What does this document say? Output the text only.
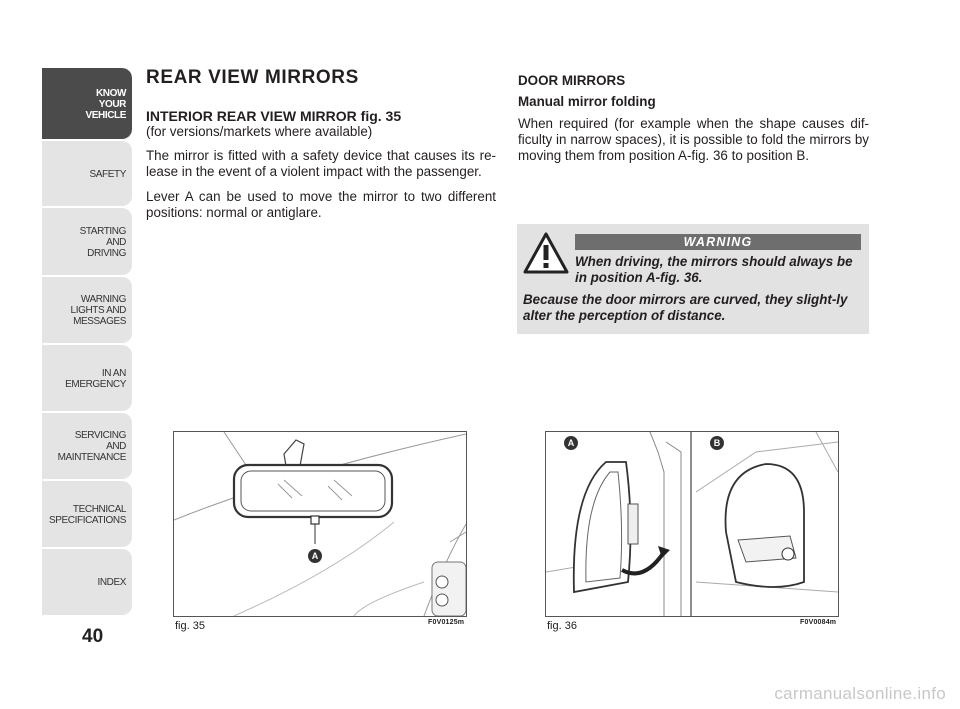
KNOW
YOUR
VEHICLE
SAFETY
STARTING
AND
DRIVING
WARNING
LIGHTS AND
MESSAGES
IN AN
EMERGENCY
SERVICING
AND
MAINTENANCE
TECHNICAL
SPECIFICATIONS
INDEX
40
REAR VIEW MIRRORS
INTERIOR REAR VIEW MIRROR fig. 35

(for versions/markets where available)

The mirror is fitted with a safety device that causes its re-lease in the event of a violent impact with the passenger.

Lever A can be used to move the mirror to two different positions: normal or antiglare.

DOOR MIRRORS
Manual mirror folding

When required (for example when the shape causes dif-ficulty in narrow spaces), it is possible to fold the mirrors by moving them from position A-fig. 36 to position B.

WARNING
When driving, the mirrors should always be in position A-fig. 36.
Because the door mirrors are curved, they slight-ly alter the perception of distance.
A
fig. 35	F0V0125m
A	B
fig. 36	F0V0084m
carmanualsonline.info
